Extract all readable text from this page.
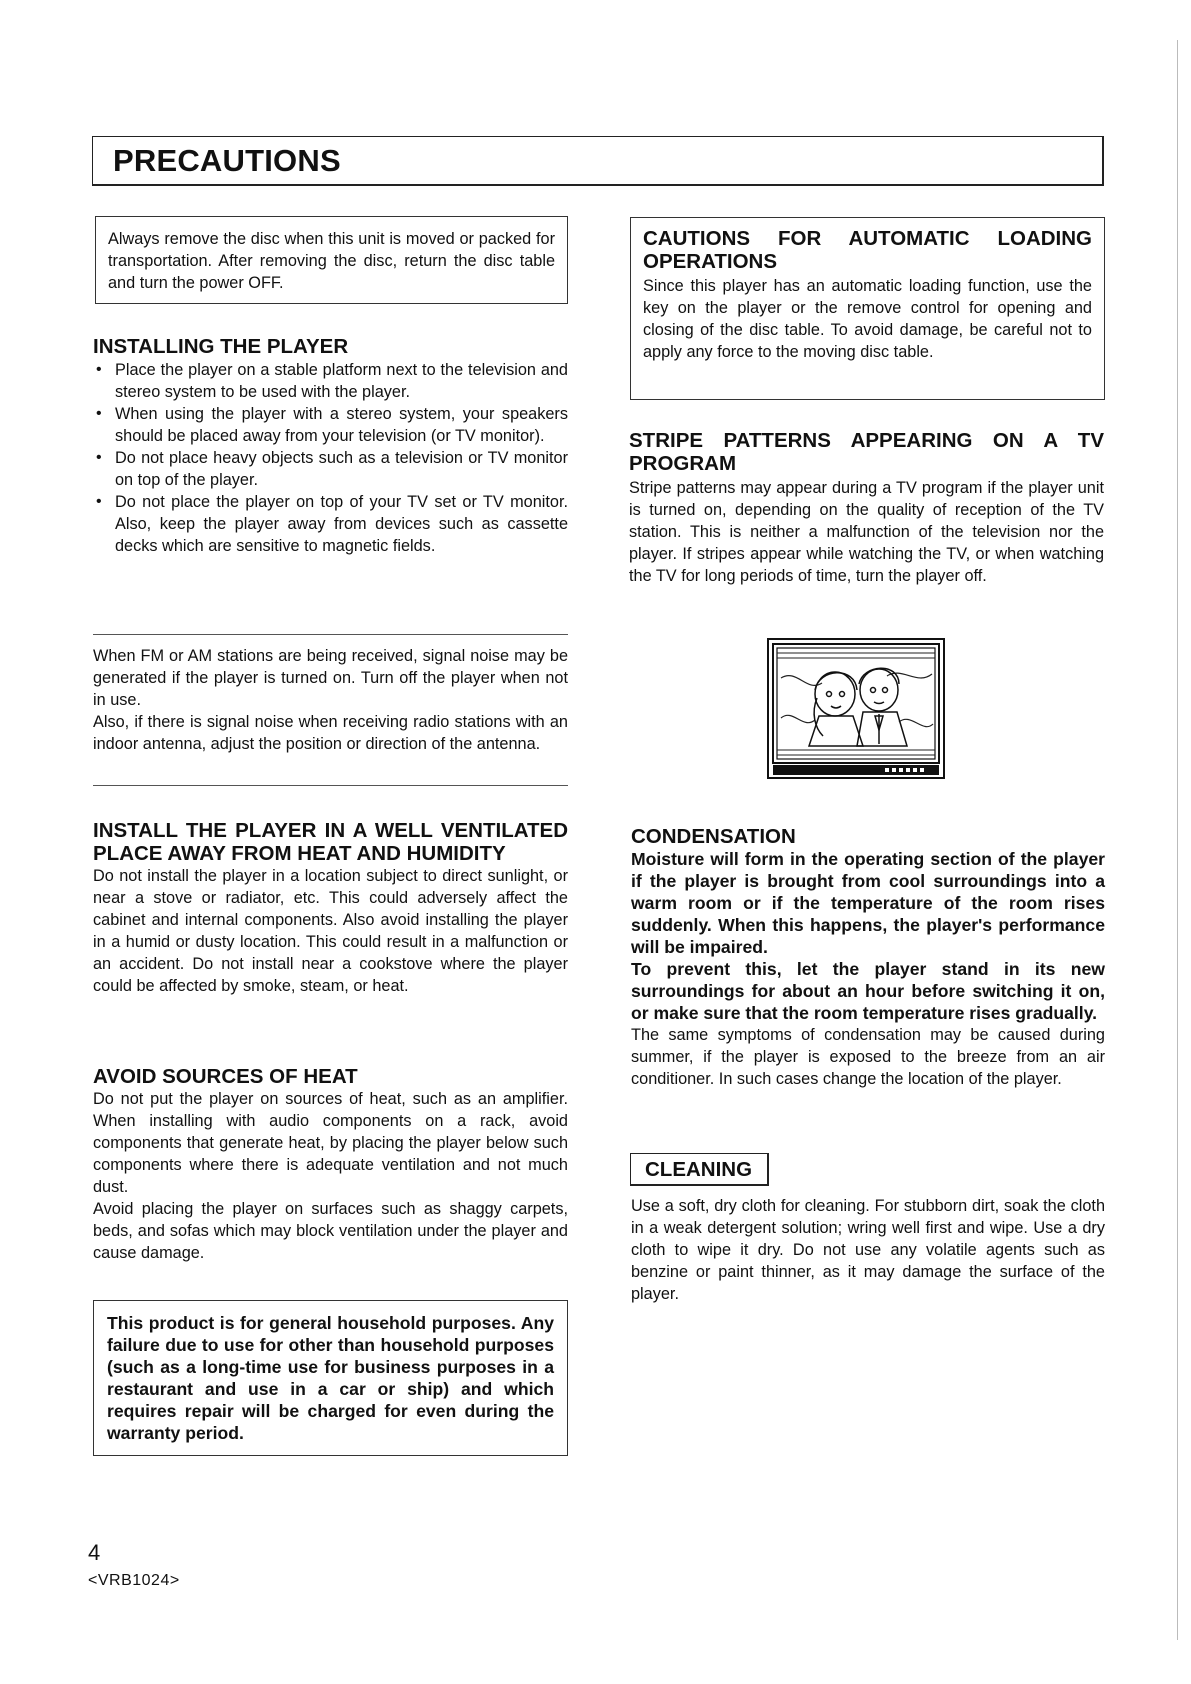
PRECAUTIONS

Always remove the disc when this unit is moved or packed for transportation. After removing the disc, return the disc table and turn the power OFF.

INSTALLING THE PLAYER
• Place the player on a stable platform next to the television and stereo system to be used with the player.
• When using the player with a stereo system, your speakers should be placed away from your television (or TV monitor).
• Do not place heavy objects such as a television or TV monitor on top of the player.
• Do not place the player on top of your TV set or TV monitor. Also, keep the player away from devices such as cassette decks which are sensitive to magnetic fields.

When FM or AM stations are being received, signal noise may be generated if the player is turned on. Turn off the player when not in use.

Also, if there is signal noise when receiving radio stations with an indoor antenna, adjust the position or direction of the antenna.

INSTALL THE PLAYER IN A WELL VENTILATED PLACE AWAY FROM HEAT AND HUMIDITY

Do not install the player in a location subject to direct sunlight, or near a stove or radiator, etc. This could adversely affect the cabinet and internal components. Also avoid installing the player in a humid or dusty location. This could result in a malfunction or an accident. Do not install near a cookstove where the player could be affected by smoke, steam, or heat.

AVOID SOURCES OF HEAT

Do not put the player on sources of heat, such as an amplifier. When installing with audio components on a rack, avoid components that generate heat, by placing the player below such components where there is adequate ventilation and not much dust.

Avoid placing the player on surfaces such as shaggy carpets, beds, and sofas which may block ventilation under the player and cause damage.

This product is for general household purposes. Any failure due to use for other than household purposes (such as a long-time use for business purposes in a restaurant and use in a car or ship) and which requires repair will be charged for even during the warranty period.

CAUTIONS FOR AUTOMATIC LOADING OPERATIONS

Since this player has an automatic loading function, use the key on the player or the remove control for opening and closing of the disc table. To avoid damage, be careful not to apply any force to the moving disc table.

STRIPE PATTERNS APPEARING ON A TV PROGRAM

Stripe patterns may appear during a TV program if the player unit is turned on, depending on the quality of reception of the TV station. This is neither a malfunction of the television nor the player. If stripes appear while watching the TV, or when watching the TV for long periods of time, turn the player off.

CONDENSATION

Moisture will form in the operating section of the player if the player is brought from cool surroundings into a warm room or if the temperature of the room rises suddenly. When this happens, the player's performance will be impaired.

To prevent this, let the player stand in its new surroundings for about an hour before switching it on, or make sure that the room temperature rises gradually.

The same symptoms of condensation may be caused during summer, if the player is exposed to the breeze from an air conditioner. In such cases change the location of the player.

CLEANING

Use a soft, dry cloth for cleaning. For stubborn dirt, soak the cloth in a weak detergent solution; wring well first and wipe. Use a dry cloth to wipe it dry. Do not use any volatile agents such as benzine or paint thinner, as it may damage the surface of the player.

4
<VRB1024>
